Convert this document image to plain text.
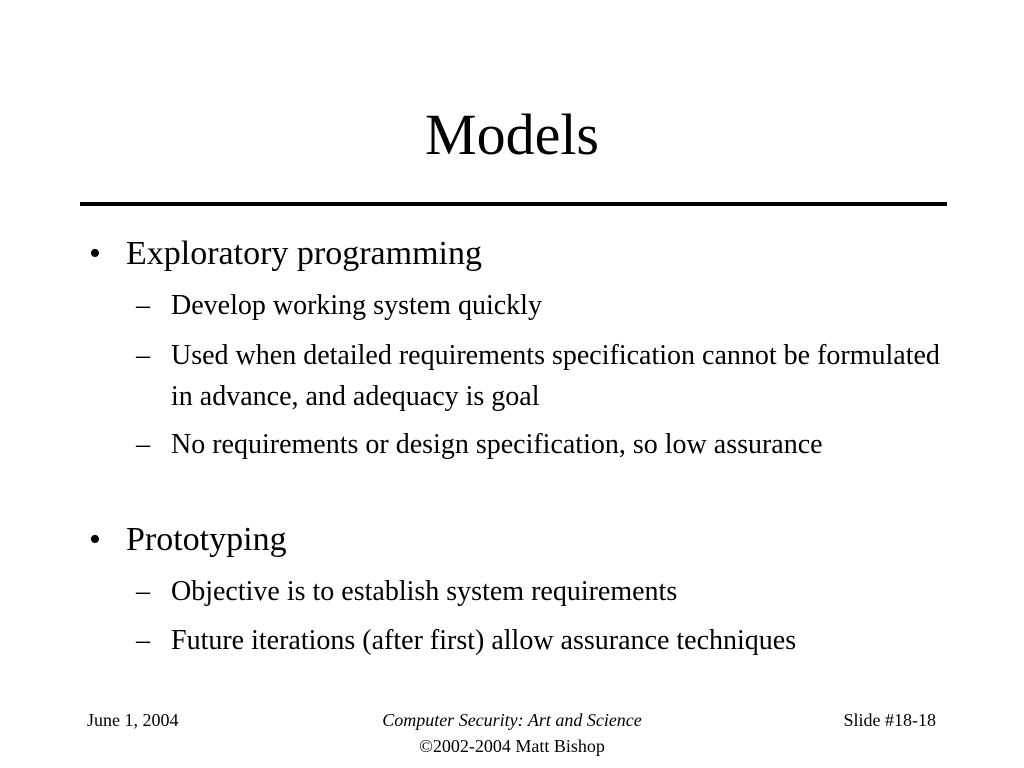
Models
• Exploratory programming
– Develop working system quickly
– Used when detailed requirements specification cannot be formulated in advance, and adequacy is goal
– No requirements or design specification, so low assurance
• Prototyping
– Objective is to establish system requirements
– Future iterations (after first) allow assurance techniques
June 1, 2004	Computer Security: Art and Science
©2002-2004 Matt Bishop
Slide #18-18
